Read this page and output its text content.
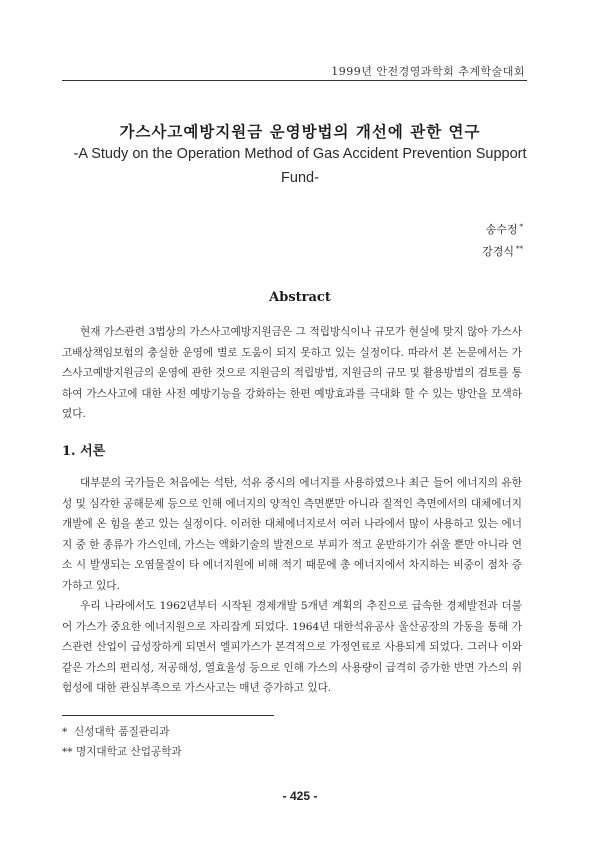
1999년 안전경영과학회 추계학술대회
가스사고예방지원금 운영방법의 개선에 관한 연구
-A Study on the Operation Method of Gas Accident Prevention Support Fund-
송수정 *
강경식 **
Abstract

현재 가스관련 3법상의 가스사고예방지원금은 그 적립방식이나 규모가 현실에 맞지 않아 가스사고배상책임보험의 충실한 운영에 별로 도움이 되지 못하고 있는 실정이다. 따라서 본 논문에서는 가스사고예방지원금의 운영에 관한 것으로 지원금의 적립방법, 지원금의 규모 및 활용방법의 검토를 통하여 가스사고에 대한 사전 예방기능을 강화하는 한편 예방효과를 극대화 할 수 있는 방안을 모색하였다.

1. 서론

대부분의 국가들은 처음에는 석탄, 석유 중시의 에너지를 사용하였으나 최근 들어 에너지의 유한성 및 심각한 공해문제 등으로 인해 에너지의 양적인 측면뿐만 아니라 질적인 측면에서의 대체에너지 개발에 온 힘을 쏟고 있는 실정이다. 이러한 대체에너지로서 여러 나라에서 많이 사용하고 있는 에너지 중 한 종류가 가스인데, 가스는 액화기술의 발전으로 부피가 적고 운반하기가 쉬울 뿐만 아니라 연소 시 발생되는 오염물질이 타 에너지원에 비해 적기 때문에 총 에너지에서 차지하는 비중이 점차 증가하고 있다.

우리 나라에서도 1962년부터 시작된 경제개발 5개년 계획의 추진으로 급속한 경제발전과 더불어 가스가 중요한 에너지원으로 자리잡게 되었다. 1964년 대한석유공사 울산공장의 가동을 통해 가스관련 산업이 급성장하게 되면서 엘피가스가 본격적으로 가정연료로 사용되게 되었다. 그러나 이와 같은 가스의 편리성, 저공해성, 열효율성 등으로 인해 가스의 사용량이 급격히 증가한 반면 가스의 위험성에 대한 관심부족으로 가스사고는 매년 증가하고 있다.

* 신성대학 품질관리과
** 명지대학교 산업공학과
- 425 -
